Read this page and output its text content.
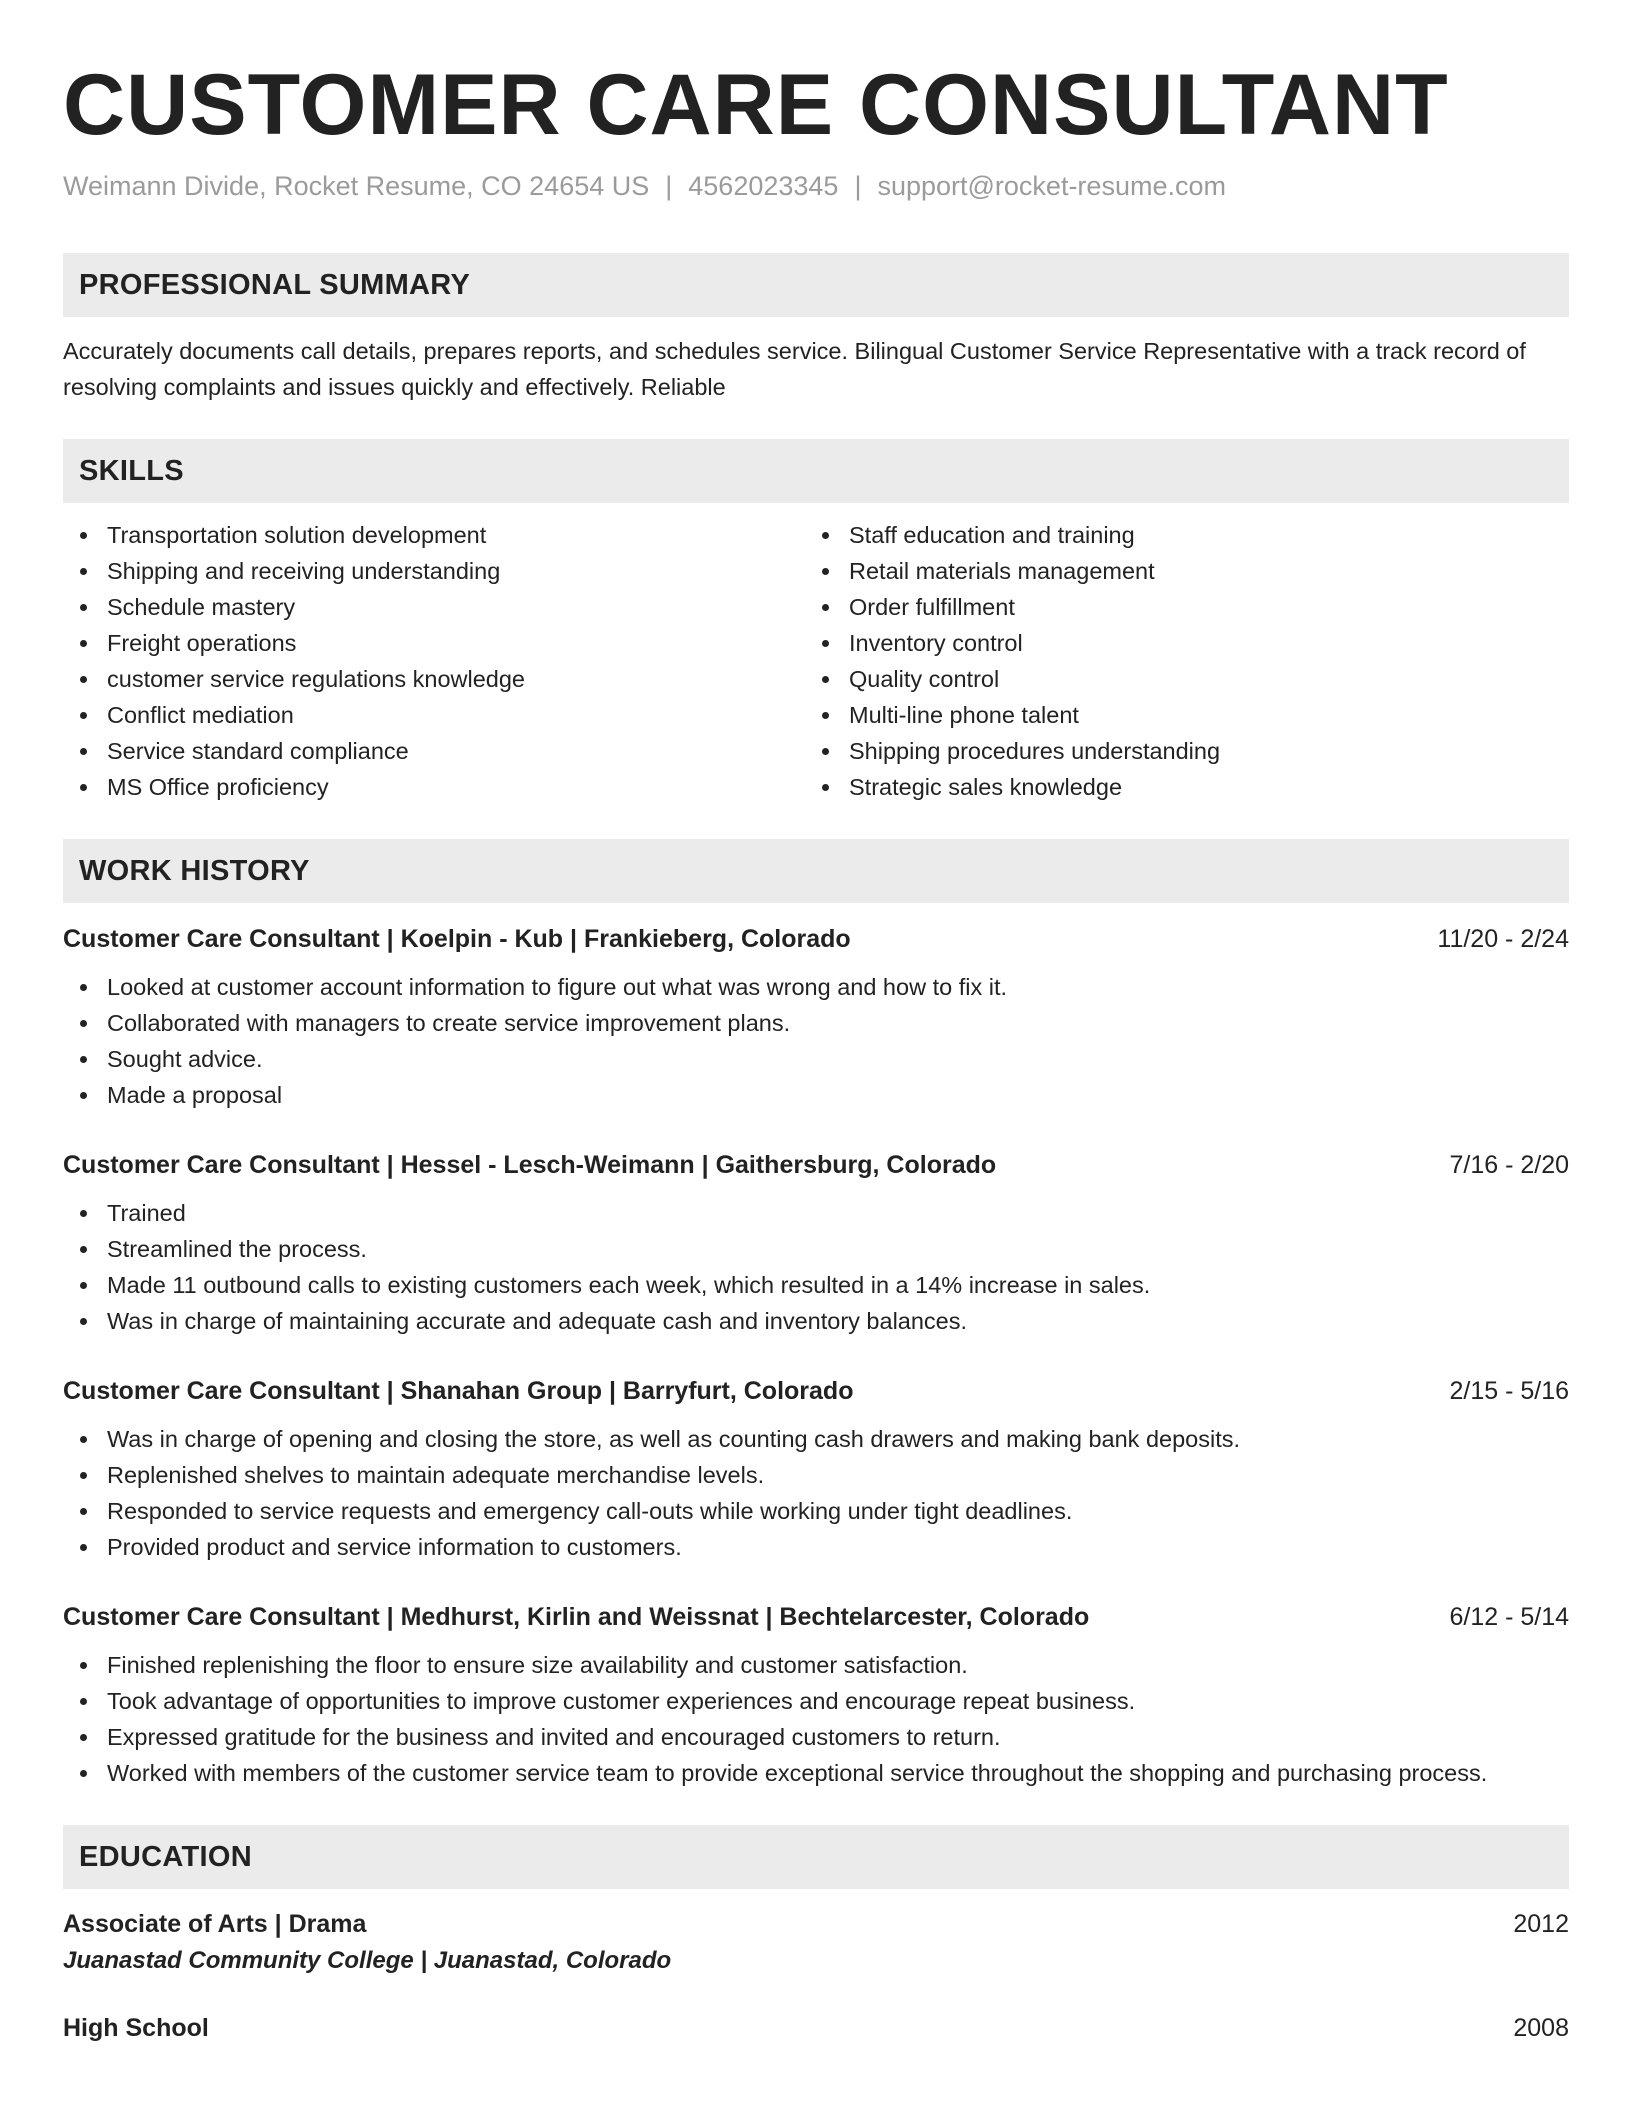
CUSTOMER CARE CONSULTANT
Weimann Divide, Rocket Resume, CO 24654 US | 4562023345 | support@rocket-resume.com
PROFESSIONAL SUMMARY
Accurately documents call details, prepares reports, and schedules service. Bilingual Customer Service Representative with a track record of resolving complaints and issues quickly and effectively. Reliable
SKILLS
Transportation solution development
Shipping and receiving understanding
Schedule mastery
Freight operations
customer service regulations knowledge
Conflict mediation
Service standard compliance
MS Office proficiency
Staff education and training
Retail materials management
Order fulfillment
Inventory control
Quality control
Multi-line phone talent
Shipping procedures understanding
Strategic sales knowledge
WORK HISTORY
Customer Care Consultant | Koelpin - Kub | Frankieberg, Colorado	11/20 - 2/24
Looked at customer account information to figure out what was wrong and how to fix it.
Collaborated with managers to create service improvement plans.
Sought advice.
Made a proposal
Customer Care Consultant | Hessel - Lesch-Weimann | Gaithersburg, Colorado	7/16 - 2/20
Trained
Streamlined the process.
Made 11 outbound calls to existing customers each week, which resulted in a 14% increase in sales.
Was in charge of maintaining accurate and adequate cash and inventory balances.
Customer Care Consultant | Shanahan Group | Barryfurt, Colorado	2/15 - 5/16
Was in charge of opening and closing the store, as well as counting cash drawers and making bank deposits.
Replenished shelves to maintain adequate merchandise levels.
Responded to service requests and emergency call-outs while working under tight deadlines.
Provided product and service information to customers.
Customer Care Consultant | Medhurst, Kirlin and Weissnat | Bechtelarcester, Colorado	6/12 - 5/14
Finished replenishing the floor to ensure size availability and customer satisfaction.
Took advantage of opportunities to improve customer experiences and encourage repeat business.
Expressed gratitude for the business and invited and encouraged customers to return.
Worked with members of the customer service team to provide exceptional service throughout the shopping and purchasing process.
EDUCATION
Associate of Arts | Drama	2012
Juanastad Community College | Juanastad, Colorado
High School	2008
